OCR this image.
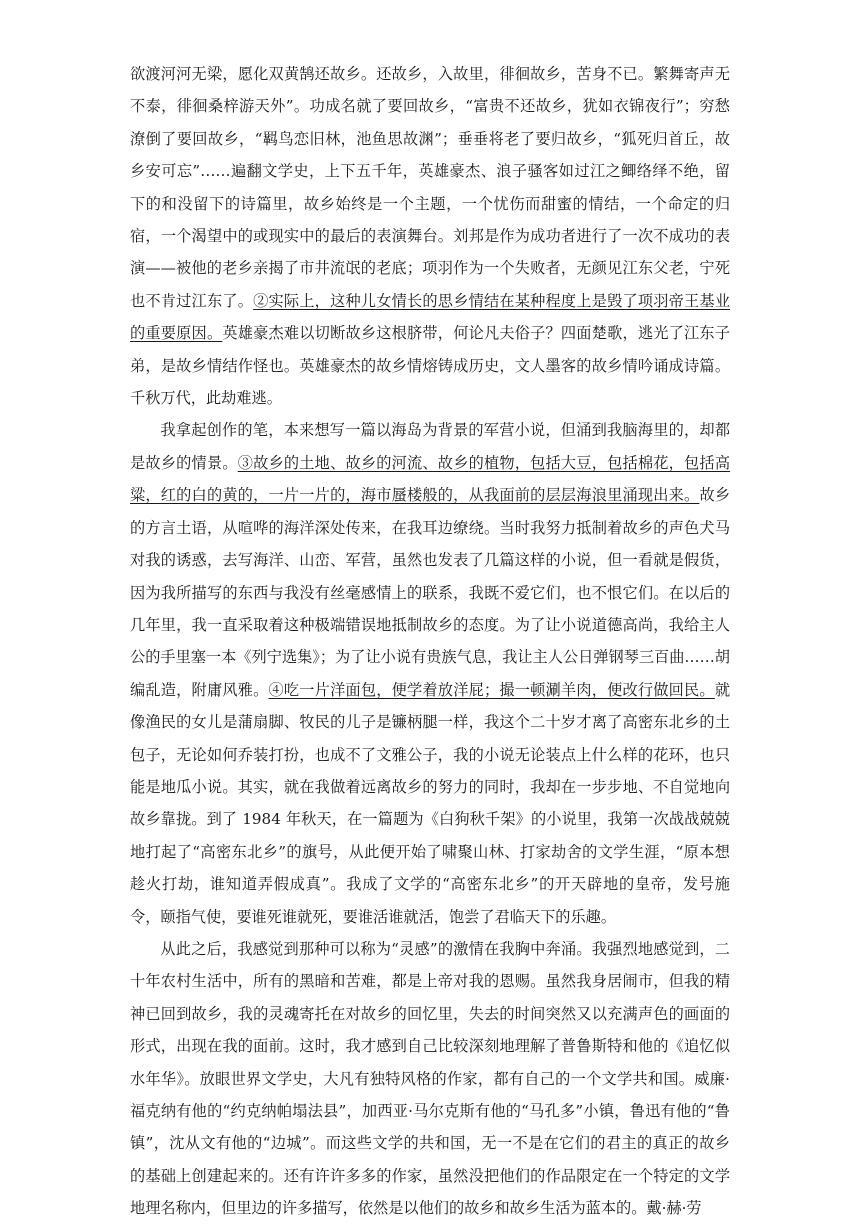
欲渡河河无梁，愿化双黄鹄还故乡。还故乡，入故里，徘徊故乡，苦身不已。繁舞寄声无不泰，徘徊桑梓游天外”。功成名就了要回故乡，“富贵不还故乡，犹如衣锦夜行”；穷愁潦倒了要回故乡，“羁鸟恋旧林，池鱼思故渊”；垂垂将老了要归故乡，“狐死归首丘，故乡安可忘”……遍翻文学史，上下五千年，英雄豪杰、浪子骚客如过江之鲫络绎不绝，留下的和没留下的诗篇里，故乡始终是一个主题，一个忧伤而甜蜜的情结，一个命定的归宿，一个渴望中的或现实中的最后的表演舞台。刘邦是作为成功者进行了一次不成功的表演——被他的老乡亲揭了市井流氓的老底；项羽作为一个失败者，无颜见江东父老，宁死也不肯过江东了。②实际上，这种儿女情长的思乡情结在某种程度上是毁了项羽帝王基业的重要原因。英雄豪杰难以切断故乡这根脐带，何论凡夫俗子？四面楚歌，逃光了江东子弟，是故乡情结作怪也。英雄豪杰的故乡情熔铸成历史，文人墨客的故乡情吟诵成诗篇。千秋万代，此劫难逃。

我拿起创作的笔，本来想写一篇以海岛为背景的军营小说，但涌到我脑海里的，却都是故乡的情景。③故乡的土地、故乡的河流、故乡的植物，包括大豆，包括棉花，包括高粱，红的白的黄的，一片一片的，海市蜃楼般的，从我面前的层层海浪里涌现出来。故乡的方言土语，从喧哗的海洋深处传来，在我耳边缭绕。当时我努力抵制着故乡的声色犬马对我的诱惑，去写海洋、山峦、军营，虽然也发表了几篇这样的小说，但一看就是假货，因为我所描写的东西与我没有丝毫感情上的联系，我既不爱它们，也不恨它们。在以后的几年里，我一直采取着这种极端错误地抵制故乡的态度。为了让小说道德高尚，我给主人公的手里塞一本《列宁选集》；为了让小说有贵族气息，我让主人公日弹钢琴三百曲……胡编乱造，附庸风雅。④吃一片洋面包，便学着放洋屁；撮一顿涮羊肉，便改行做回民。就像渔民的女儿是蒲扇脚、牧民的儿子是镰柄腿一样，我这个二十岁才离了高密东北乡的土包子，无论如何乔装打扮，也成不了文雅公子，我的小说无论装点上什么样的花环，也只能是地瓜小说。其实，就在我做着远离故乡的努力的同时，我却在一步步地、不自觉地向故乡靠拢。到了 1984 年秋天，在一篇题为《白狗秋千架》的小说里，我第一次战战兢兢地打起了“高密东北乡”的旗号，从此便开始了啸聚山林、打家劫舍的文学生涯，“原本想趁火打劫，谁知道弄假成真”。我成了文学的“高密东北乡”的开天辟地的皇帝，发号施令，颐指气使，要谁死谁就死，要谁活谁就活，饱尝了君临天下的乐趣。

从此之后，我感觉到那种可以称为“灵感”的激情在我胸中奔涌。我强烈地感觉到，二十年农村生活中，所有的黑暗和苦难，都是上帝对我的恩赐。虽然我身居闹市，但我的精神已回到故乡，我的灵魂寄托在对故乡的回忆里，失去的时间突然又以充满声色的画面的形式，出现在我的面前。这时，我才感到自己比较深刻地理解了普鲁斯特和他的《追忆似水年华》。放眼世界文学史，大凡有独特风格的作家，都有自己的一个文学共和国。威廉·福克纳有他的“约克纳帕塌法县”，加西亚·马尔克斯有他的“马孔多”小镇，鲁迅有他的“鲁镇”，沈从文有他的“边城”。而这些文学的共和国，无一不是在它们的君主的真正的故乡的基础上创建起来的。还有许许多多的作家，虽然没把他们的作品限定在一个特定的文学地理名称内，但里边的许多描写，依然是以他们的故乡和故乡生活为蓝本的。戴·赫·劳
